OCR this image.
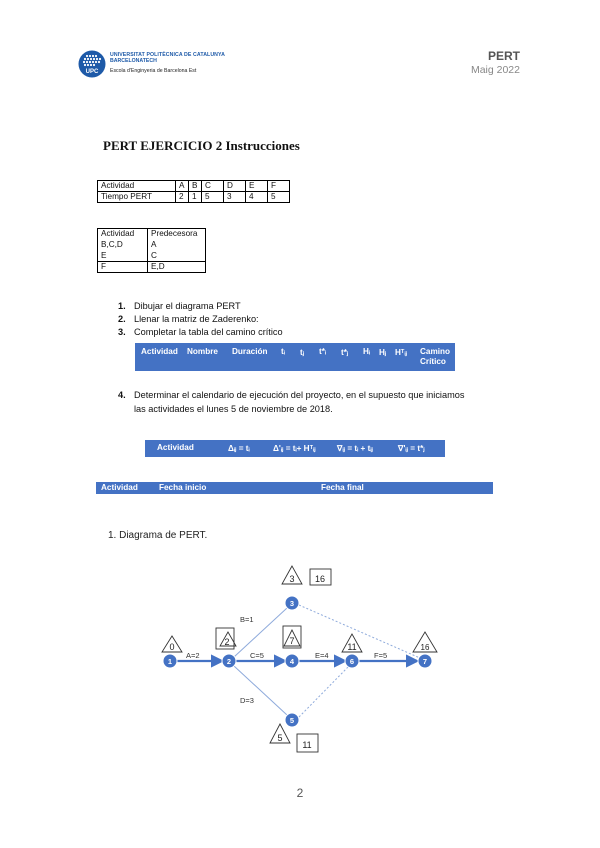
UPC
UNIVERSITAT POLITÈCNICA DE CATALUNYA
BARCELONATECH
Escola d'Enginyeria de Barcelona Est
PERT
Maig 2022
PERT EJERCICIO 2 Instrucciones
Actividad	A	B	C	D	E	F
Tiempo PERT	2	1	5	3	4	5
Actividad	Predecesora
B,C,D	A
E	C
F	E,D
1. Dibujar el diagrama PERT
2. Llenar la matriz de Zaderenko:
3. Completar la tabla del camino crítico
Actividad Nombre Duración tᵢ tⱼ t*ᵢ t*ⱼ Hᵢ Hⱼ Hᵀᵢⱼ Camino Crítico
4. Determinar el calendario de ejecución del proyecto, en el supuesto que iniciamos las actividades el lunes 5 de noviembre de 2018.
Actividad	Δᵢⱼ = tᵢ	Δ'ᵢⱼ = tᵢ+ Hᵀᵢⱼ	∇ᵢⱼ = tᵢ + tᵢⱼ	∇'ᵢⱼ = t*ⱼ
Actividad	Fecha inicio	Fecha final
1. Diagrama de PERT.
A=2
B=1
C=5
D=3
E=4	F=5
0	2
3
7
5
11	16
16
11
1	2
3
4
5
6	7
2
